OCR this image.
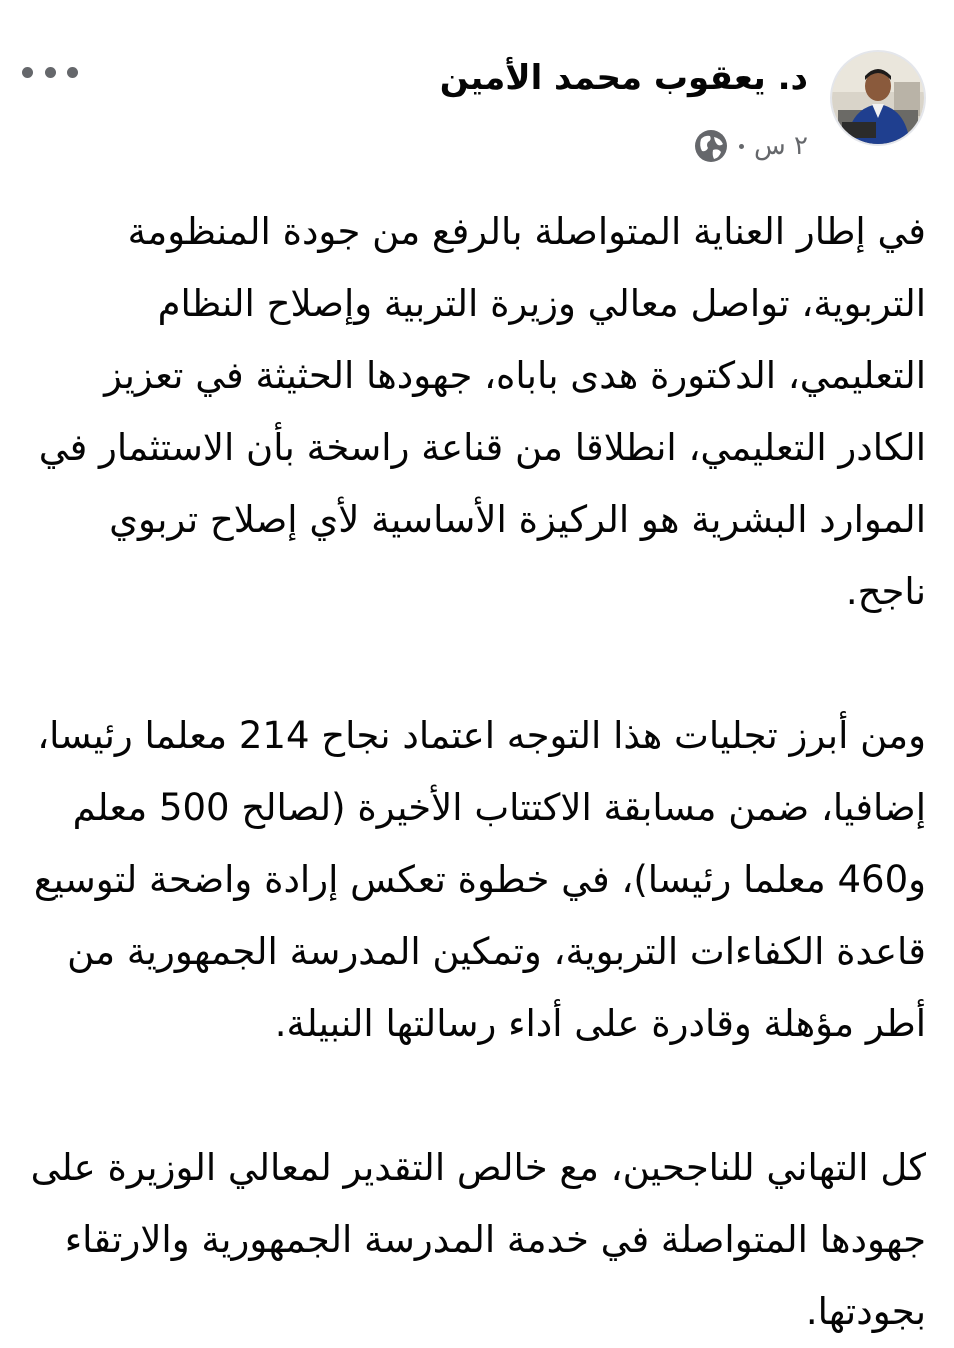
د. يعقوب محمد الأمين
٢ س

في إطار العناية المتواصلة بالرفع من جودة المنظومة التربوية، تواصل معالي وزيرة التربية وإصلاح النظام التعليمي، الدكتورة هدى باباه، جهودها الحثيثة في تعزيز الكادر التعليمي، انطلاقا من قناعة راسخة بأن الاستثمار في الموارد البشرية هو الركيزة الأساسية لأي إصلاح تربوي ناجح.

ومن أبرز تجليات هذا التوجه اعتماد نجاح 214 معلما رئيسا، إضافيا، ضمن مسابقة الاكتتاب الأخيرة (لصالح 500 معلم و460 معلما رئيسا)، في خطوة تعكس إرادة واضحة لتوسيع قاعدة الكفاءات التربوية، وتمكين المدرسة الجمهورية من أطر مؤهلة وقادرة على أداء رسالتها النبيلة.

كل التهاني للناجحين، مع خالص التقدير لمعالي الوزيرة على جهودها المتواصلة في خدمة المدرسة الجمهورية والارتقاء بجودتها.
